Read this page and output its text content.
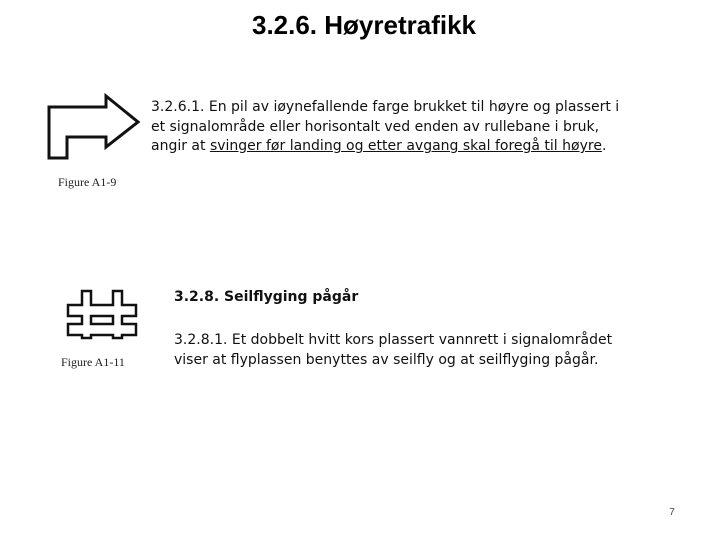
3.2.6. Høyretrafikk
Figure A1-9
3.2.6.1. En pil av iøynefallende farge brukket til høyre og plassert i
et signalområde eller horisontalt ved enden av rullebane i bruk,
angir at svinger før landing og etter avgang skal foregå til høyre.
Figure A1-11
3.2.8. Seilflyging pågår
3.2.8.1. Et dobbelt hvitt kors plassert vannrett i signalområdet
viser at flyplassen benyttes av seilfly og at seilflyging pågår.
7
